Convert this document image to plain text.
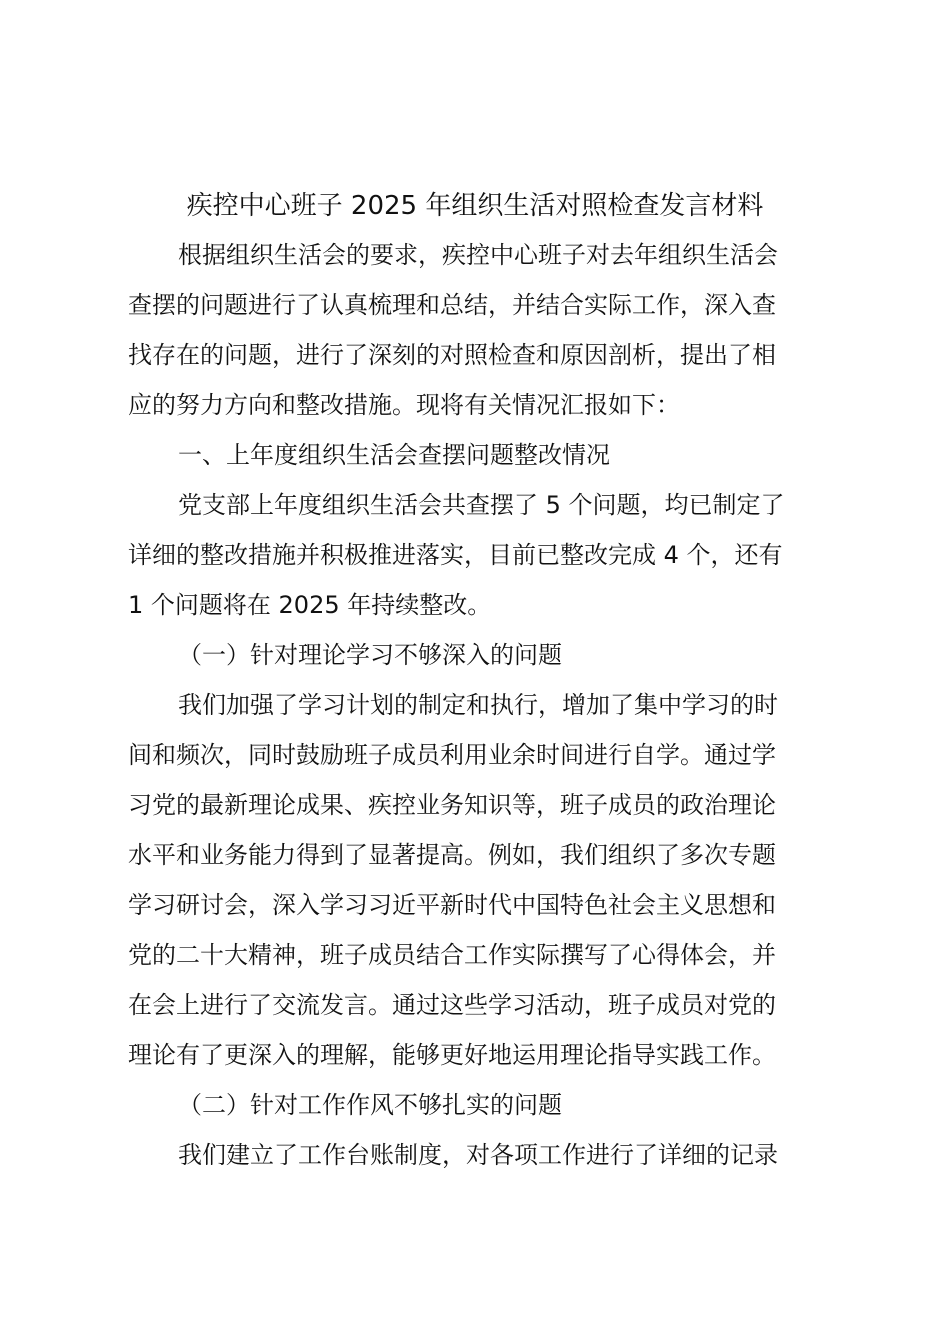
疾控中心班子 2025 年组织生活对照检查发言材料
根据组织生活会的要求，疾控中心班子对去年组织生活会
查摆的问题进行了认真梳理和总结，并结合实际工作，深入查
找存在的问题，进行了深刻的对照检查和原因剖析，提出了相
应的努力方向和整改措施。现将有关情况汇报如下：
一、上年度组织生活会查摆问题整改情况
党支部上年度组织生活会共查摆了 5 个问题，均已制定了
详细的整改措施并积极推进落实，目前已整改完成 4 个，还有
1 个问题将在 2025 年持续整改。
（一）针对理论学习不够深入的问题
我们加强了学习计划的制定和执行，增加了集中学习的时
间和频次，同时鼓励班子成员利用业余时间进行自学。通过学
习党的最新理论成果、疾控业务知识等，班子成员的政治理论
水平和业务能力得到了显著提高。例如，我们组织了多次专题
学习研讨会，深入学习习近平新时代中国特色社会主义思想和
党的二十大精神，班子成员结合工作实际撰写了心得体会，并
在会上进行了交流发言。通过这些学习活动，班子成员对党的
理论有了更深入的理解，能够更好地运用理论指导实践工作。
（二）针对工作作风不够扎实的问题
我们建立了工作台账制度，对各项工作进行了详细的记录
